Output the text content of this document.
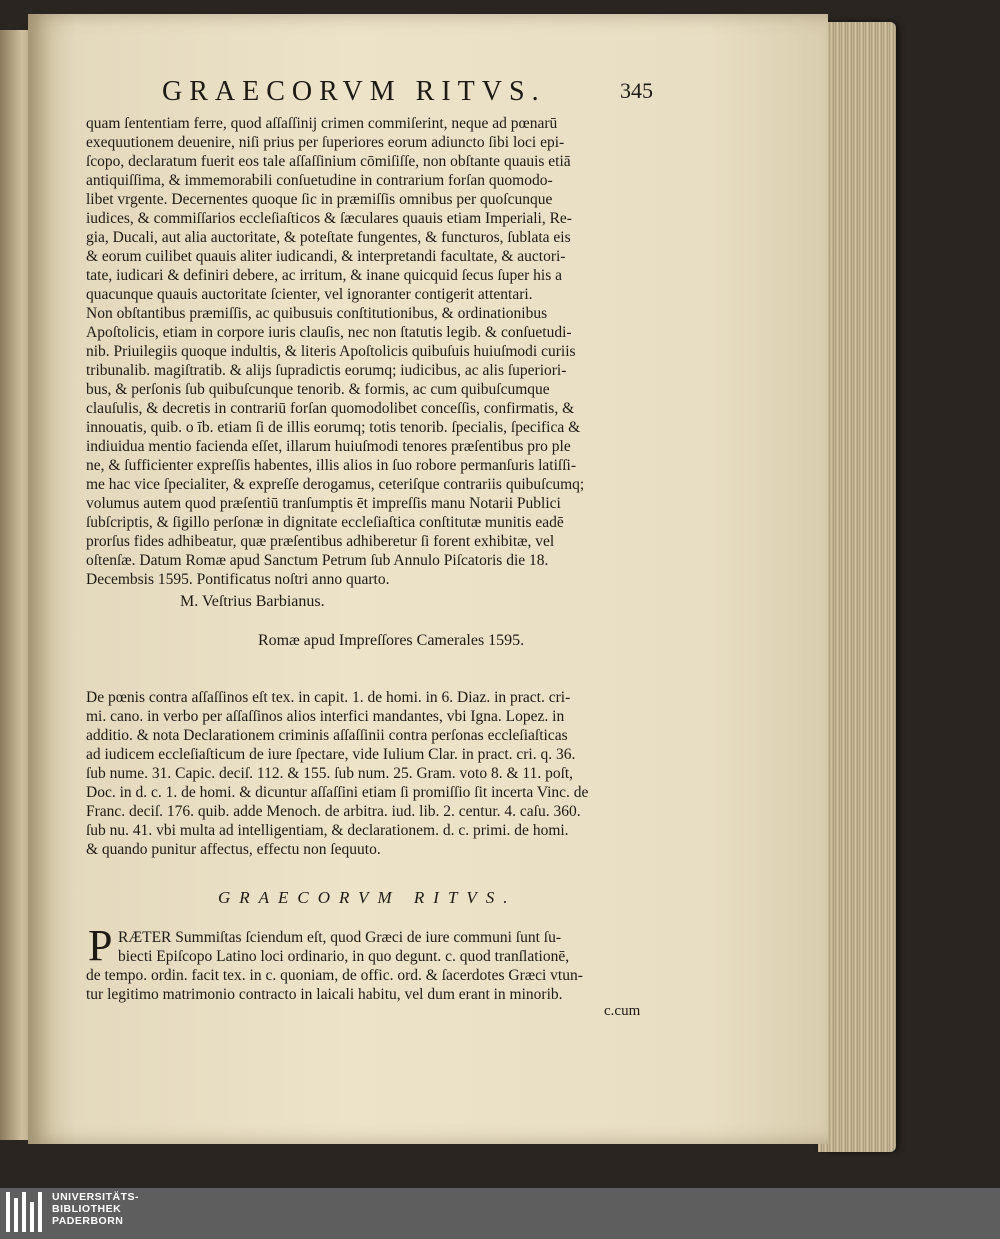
GRAECORVM RITVS.	345
quam ſententiam ferre, quod aſſaſſinij crimen commiſerint, neque ad pœnarū
exequutionem deuenire, niſi prius per ſuperiores eorum adiuncto ſibi loci epi-
ſcopo, declaratum fuerit eos tale aſſaſſinium cōmiſiſſe, non obſtante quauis etiā
antiquiſſima, & immemorabili conſuetudine in contrarium forſan quomodo-
libet vrgente. Decernentes quoque ſic in præmiſſis omnibus per quoſcunque
iudices, & commiſſarios eccleſiaſticos & ſæculares quauis etiam Imperiali, Re-
gia, Ducali, aut alia auctoritate, & poteſtate fungentes, & functuros, ſublata eis
& eorum cuilibet quauis aliter iudicandi, & interpretandi facultate, & auctori-
tate, iudicari & definiri debere, ac irritum, & inane quicquid ſecus ſuper his a
quacunque quauis auctoritate ſcienter, vel ignoranter contigerit attentari.
Non obſtantibus præmiſſis, ac quibusuis conſtitutionibus, & ordinationibus
Apoſtolicis, etiam in corpore iuris clauſis, nec non ſtatutis legib. & conſuetudi-
nib. Priuilegiis quoque indultis, & literis Apoſtolicis quibuſuis huiuſmodi curiis
tribunalib. magiſtratib. & alijs ſupradictis eorumq; iudicibus, ac alis ſuperiori-
bus, & perſonis ſub quibuſcunque tenorib. & formis, ac cum quibuſcumque
clauſulis, & decretis in contrariū forſan quomodolibet conceſſis, confirmatis, &
innouatis, quib. o īb. etiam ſi de illis eorumq; totis tenorib. ſpecialis, ſpecifica &
indiuidua mentio facienda eſſet, illarum huiuſmodi tenores præſentibus pro ple
ne, & ſufficienter expreſſis habentes, illis alios in ſuo robore permanſuris latiſſi-
me hac vice ſpecialiter, & expreſſe derogamus, ceteriſque contrariis quibuſcumq;
volumus autem quod præſentiū tranſumptis ēt impreſſis manu Notarii Publici
ſubſcriptis, & ſigillo perſonæ in dignitate eccleſiaſtica conſtitutæ munitis eadē
prorſus fides adhibeatur, quæ præſentibus adhiberetur ſi forent exhibitæ, vel
oſtenſæ. Datum Romæ apud Sanctum Petrum ſub Annulo Piſcatoris die 18.
Decembsis 1595. Pontificatus noſtri anno quarto.
M. Veſtrius Barbianus.
Romæ apud Impreſſores Camerales 1595.
De pœnis contra aſſaſſinos eſt tex. in capit. 1. de homi. in 6. Diaz. in pract. cri-
mi. cano. in verbo per aſſaſſinos alios interfici mandantes, vbi Igna. Lopez. in
additio. & nota Declarationem criminis aſſaſſinii contra perſonas eccleſiaſticas
ad iudicem eccleſiaſticum de iure ſpectare, vide Iulium Clar. in pract. cri. q. 36.
ſub nume. 31. Capic. deciſ. 112. & 155. ſub num. 25. Gram. voto 8. & 11. poſt,
Doc. in d. c. 1. de homi. & dicuntur aſſaſſini etiam ſi promiſſio ſit incerta Vinc. de
Franc. deciſ. 176. quib. adde Menoch. de arbitra. iud. lib. 2. centur. 4. caſu. 360.
ſub nu. 41. vbi multa ad intelligentiam, & declarationem. d. c. primi. de homi.
& quando punitur affectus, effectu non ſequuto.
GRAECORVM RITVS.
P RÆTER Summiſtas ſciendum eſt, quod Græci de iure communi ſunt ſu-
biecti Epiſcopo Latino loci ordinario, in quo degunt. c. quod tranſlationē,
de tempo. ordin. facit tex. in c. quoniam, de offic. ord. & ſacerdotes Græci vtun-
tur legitimo matrimonio contracto in laicali habitu, vel dum erant in minorib.
c.cum
UNIVERSITÄTS-
BIBLIOTHEK
PADERBORN
